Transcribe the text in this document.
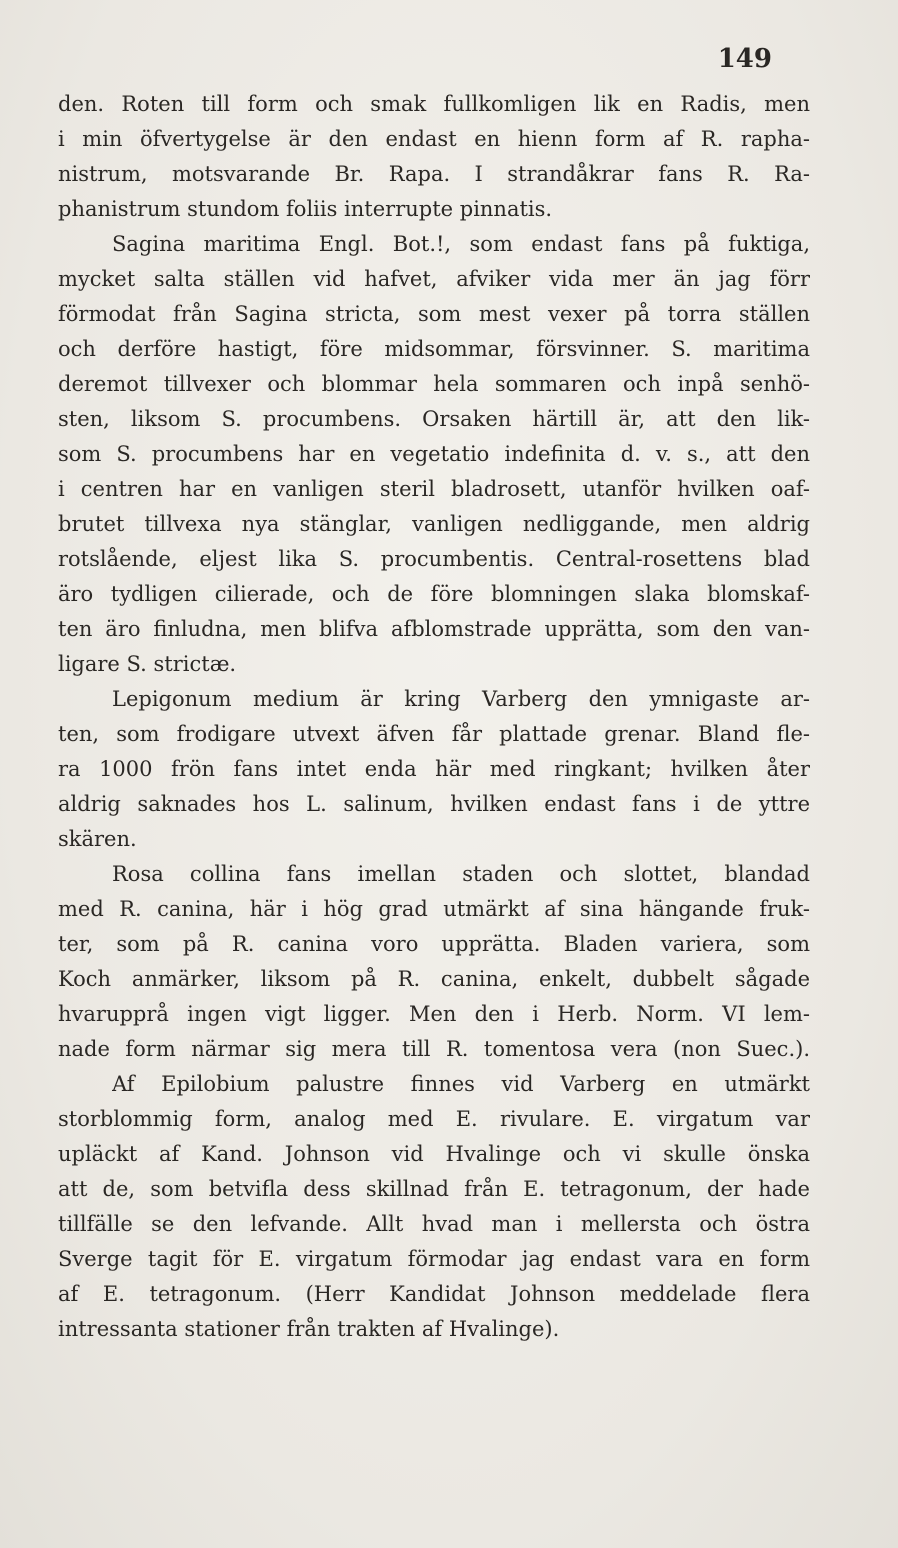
149
den. Roten till form och smak fullkomligen lik en Radis, men
i min öfvertygelse är den endast en hienn form af R. rapha-
nistrum, motsvarande Br. Rapa. I strandåkrar fans R. Ra-
phanistrum stundom foliis interrupte pinnatis.
Sagina maritima Engl. Bot.!, som endast fans på fuktiga,
mycket salta ställen vid hafvet, afviker vida mer än jag förr
förmodat från Sagina stricta, som mest vexer på torra ställen
och derföre hastigt, före midsommar, försvinner. S. maritima
deremot tillvexer och blommar hela sommaren och inpå senhö-
sten, liksom S. procumbens. Orsaken härtill är, att den lik-
som S. procumbens har en vegetatio indefinita d. v. s., att den
i centren har en vanligen steril bladrosett, utanför hvilken oaf-
brutet tillvexa nya stänglar, vanligen nedliggande, men aldrig
rotslående, eljest lika S. procumbentis. Central-rosettens blad
äro tydligen cilierade, och de före blomningen slaka blomskaf-
ten äro finludna, men blifva afblomstrade upprätta, som den van-
ligare S. strictæ.
Lepigonum medium är kring Varberg den ymnigaste ar-
ten, som frodigare utvext äfven får plattade grenar. Bland fle-
ra 1000 frön fans intet enda här med ringkant; hvilken åter
aldrig saknades hos L. salinum, hvilken endast fans i de yttre
skären.
Rosa collina fans imellan staden och slottet, blandad
med R. canina, här i hög grad utmärkt af sina hängande fruk-
ter, som på R. canina voro upprätta. Bladen variera, som
Koch anmärker, liksom på R. canina, enkelt, dubbelt sågade
hvarupprå ingen vigt ligger. Men den i Herb. Norm. VI lem-
nade form närmar sig mera till R. tomentosa vera (non Suec.).
Af Epilobium palustre finnes vid Varberg en utmärkt
storblommig form, analog med E. rivulare. E. virgatum var
upläckt af Kand. Johnson vid Hvalinge och vi skulle önska
att de, som betvifla dess skillnad från E. tetragonum, der hade
tillfälle se den lefvande. Allt hvad man i mellersta och östra
Sverge tagit för E. virgatum förmodar jag endast vara en form
af E. tetragonum. (Herr Kandidat Johnson meddelade flera
intressanta stationer från trakten af Hvalinge).
